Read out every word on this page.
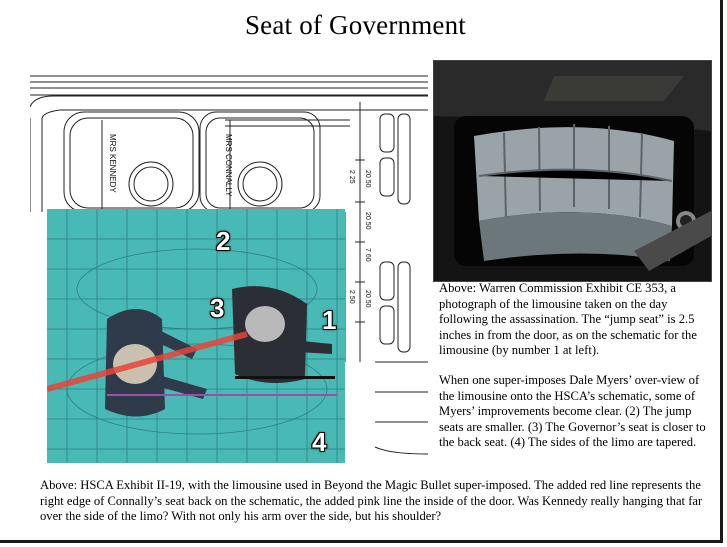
Seat of Government
MRS KENNEDY	MRS CONNALLY	20 50
2 25
20 50
7 60
2 50 20 50
1
2
3
4

Above: Warren Commission Exhibit CE 353, a photograph of the limousine taken on the day following the assassination. The “jump seat” is 2.5 inches in from the door, as on the schematic for the limousine (by number 1 at left).

When one super-imposes Dale Myers’ over-view of the limousine onto the HSCA’s schematic, some of Myers’ improvements become clear. (2) The jump seats are smaller. (3) The Governor’s seat is closer to the back seat. (4) The sides of the limo are tapered.

Above: HSCA Exhibit II-19, with the limousine used in Beyond the Magic Bullet super-imposed. The added red line represents the right edge of Connally’s seat back on the schematic, the added pink line the inside of the door. Was Kennedy really hanging that far over the side of the limo? With not only his arm over the side, but his shoulder?
